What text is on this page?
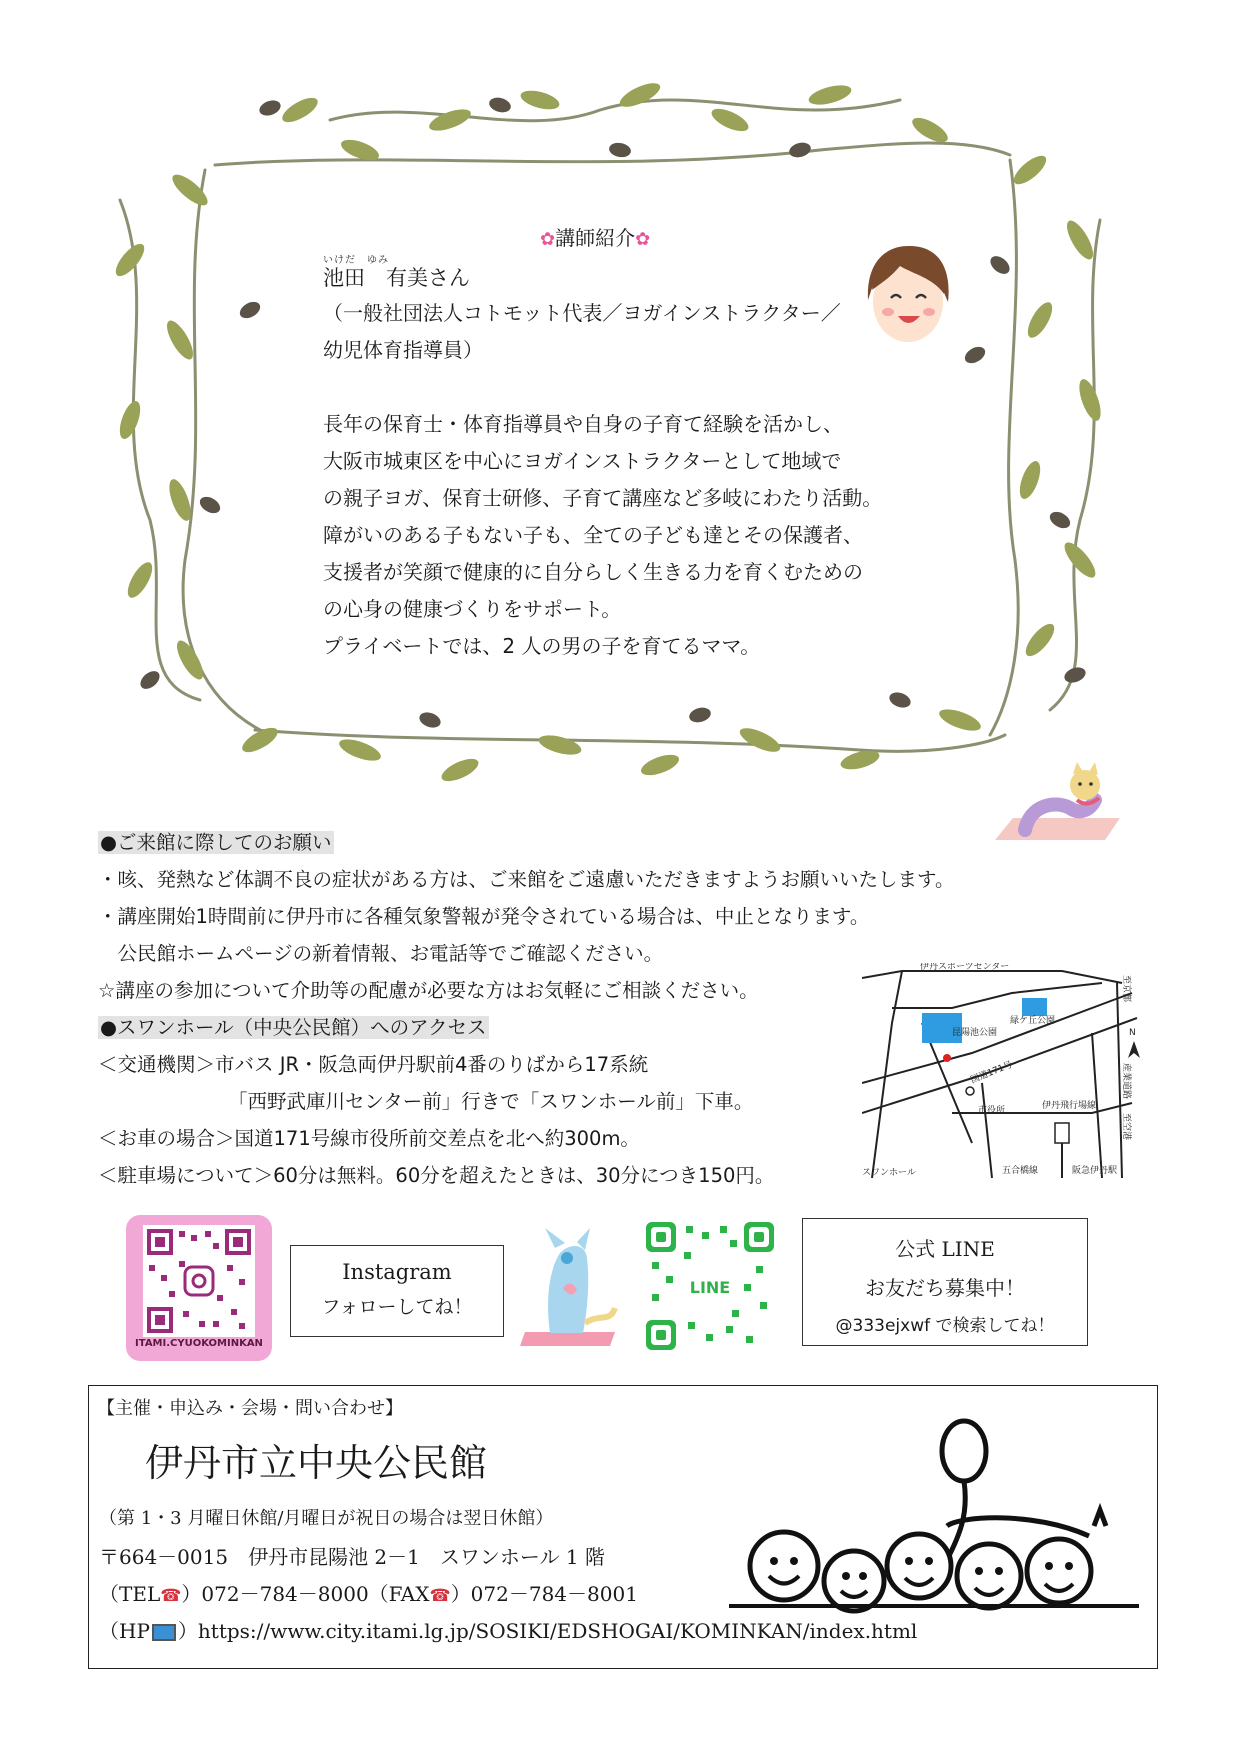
✿講師紹介✿
いけだ　ゆみ
池田　有美さん
（一般社団法人コトモット代表／ヨガインストラクター／
幼児体育指導員）
長年の保育士・体育指導員や自身の子育て経験を活かし、
大阪市城東区を中心にヨガインストラクターとして地域で
の親子ヨガ、保育士研修、子育て講座など多岐にわたり活動。
障がいのある子もない子も、全ての子ども達とその保護者、
支援者が笑顔で健康的に自分らしく生きる力を育くむための
の心身の健康づくりをサポート。
プライベートでは、2 人の男の子を育てるママ。
●ご来館に際してのお願い
・咳、発熱など体調不良の症状がある方は、ご来館をご遠慮いただきますようお願いいたします。
・講座開始1時間前に伊丹市に各種気象警報が発令されている場合は、中止となります。
　公民館ホームページの新着情報、お電話等でご確認ください。
☆講座の参加について介助等の配慮が必要な方はお気軽にご相談ください。
●スワンホール（中央公民館）へのアクセス
＜交通機関＞市バス JR・阪急両伊丹駅前4番のりばから17系統
「西野武庫川センター前」行きで「スワンホール前」下車。
＜お車の場合＞国道171号線市役所前交差点を北へ約300m。
＜駐車場について＞60分は無料。60分を超えたときは、30分につき150円。
伊丹スポーツセンター
昆陽池公園
緑ケ丘公園
N
市役所	伊丹飛行場線
スワンホール
国道171号
五合橋線	阪急伊丹駅
至京都
産業道路
至空港
ITAMI.CYUOKOMINKAN
Instagram
フォローしてね！
LINE
公式 LINE
お友だち募集中！
@333ejxwf で検索してね！
【主催・申込み・会場・問い合わせ】
伊丹市立中央公民館
（第 1・3 月曜日休館/月曜日が祝日の場合は翌日休館）
〒664－0015　伊丹市昆陽池 2－1　スワンホール 1 階
（TEL☎）072－784－8000（FAX☎）072－784－8001
（HP ）https://www.city.itami.lg.jp/SOSIKI/EDSHOGAI/KOMINKAN/index.html
